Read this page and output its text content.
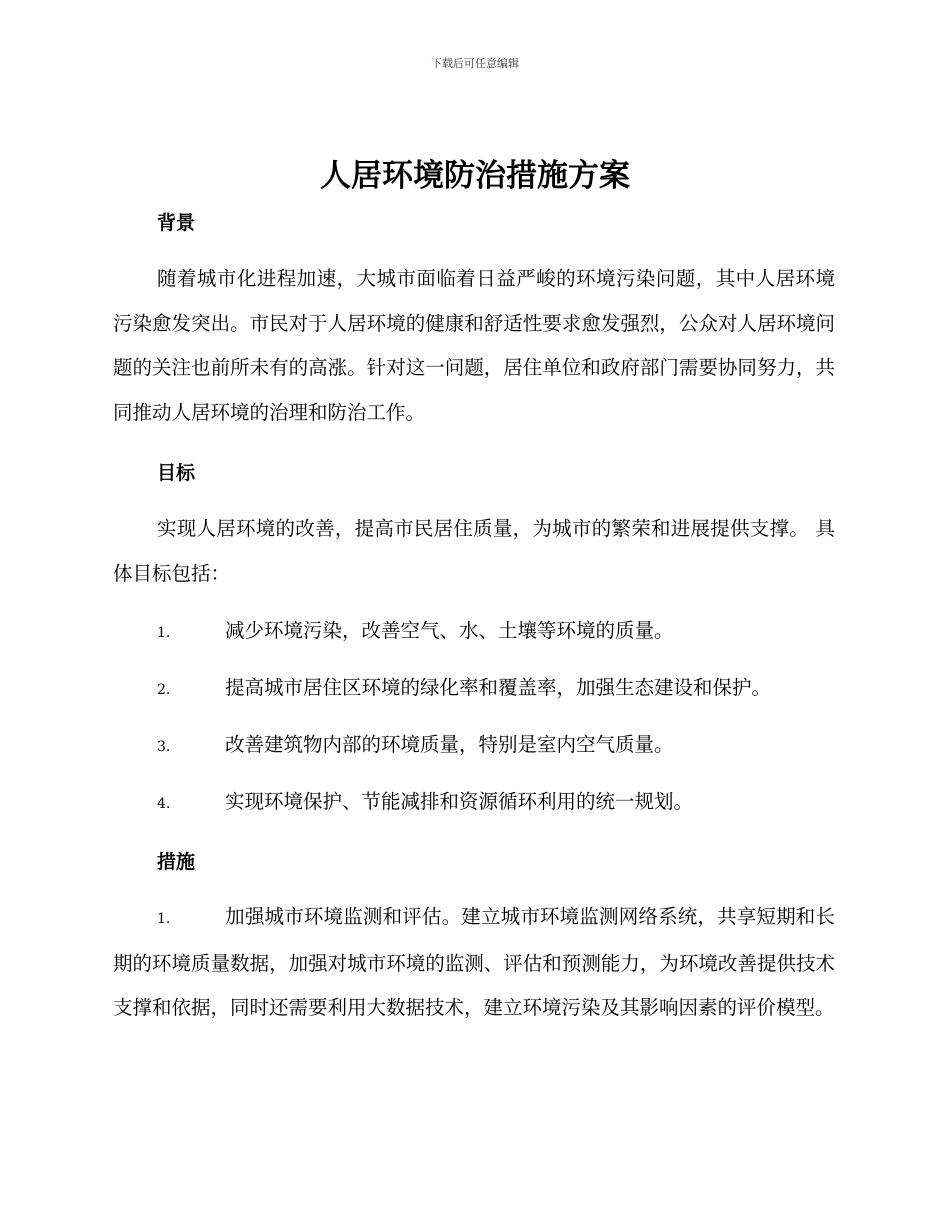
下载后可任意编辑
人居环境防治措施方案
背景

随着城市化进程加速，大城市面临着日益严峻的环境污染问题，其中人居环境污染愈发突出。市民对于人居环境的健康和舒适性要求愈发强烈，公众对人居环境问题的关注也前所未有的高涨。针对这一问题，居住单位和政府部门需要协同努力，共同推动人居环境的治理和防治工作。

目标

实现人居环境的改善，提高市民居住质量，为城市的繁荣和进展提供支撑。 具体目标包括：

1.	减少环境污染，改善空气、水、土壤等环境的质量。
2.	提高城市居住区环境的绿化率和覆盖率，加强生态建设和保护。
3.	改善建筑物内部的环境质量，特别是室内空气质量。
4.	实现环境保护、节能减排和资源循环利用的统一规划。
措施

1.	加强城市环境监测和评估。建立城市环境监测网络系统，共享短期和长期的环境质量数据，加强对城市环境的监测、评估和预测能力，为环境改善提供技术支撑和依据，同时还需要利用大数据技术，建立环境污染及其影响因素的评价模型。
